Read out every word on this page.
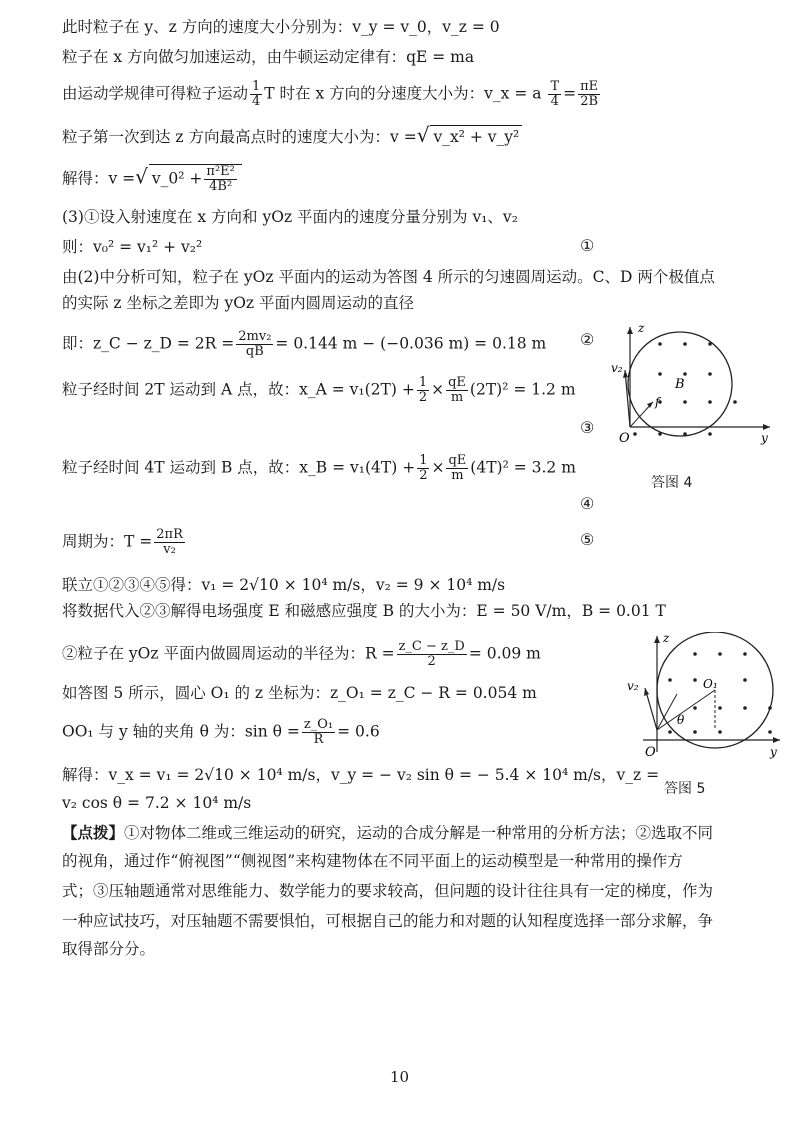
此时粒子在 y、z 方向的速度大小分别为：v_y = v_0，v_z = 0
粒子在 x 方向做匀加速运动，由牛顿运动定律有：qE = ma
由运动学规律可得粒子运动 $\frac{1}{4}$ T 时在 x 方向的分速度大小为：v_x = a $\frac{T}{4} = \frac{\pi E}{2B}$
粒子第一次到达 z 方向最高点时的速度大小为：v =√ v_x² + v_y²
解得：v =√ v_0² + $\frac{\text{π²E²}}{\text{4B²}}$
(3)①设入射速度在 x 方向和 yOz 平面内的速度分量分别为 v₁、v₂
则：v₀² = v₁² + v₂²	①
由(2)中分析可知，粒子在 yOz 平面内的运动为答图 4 所示的匀速圆周运动。C、D 两个极值点
的实际 z 坐标之差即为 yOz 平面内圆周运动的直径
即：z_C − z_D = $2R = \frac{\text{2mv₂}}{qB} = 0.144$ m − (−0.036 m) = 0.18 m ②
粒子经时间 2T 运动到 A 点，故：x_A = $v_1(2T) + \frac{1}{2} \times \frac{qE}{m} (2T)^2 = 1.2$ m
③
粒子经时间 4T 运动到 B 点，故：x_B = $v_1(4T) + \frac{1}{2} \times \frac{qE}{m} (4T)^2 = 3.2$ m
④
周期为：$T = \frac{2\pi R}{\text{v₂}}$	⑤
联立①②③④⑤得：v₁ = 2√10 × 10⁴ m/s，v₂ = 9 × 10⁴ m/s
将数据代入②③解得电场强度 E 和磁感应强度 B 的大小为：E = 50 V/m，B = 0.01 T
②粒子在 yOz 平面内做圆周运动的半径为：$R = \frac{z\_C - z\_D}{2} = 0.09$ m
如答图 5 所示，圆心 O₁ 的 z 坐标为：z_O₁ = z_C − R = 0.054 m
OO₁ 与 y 轴的夹角 θ 为：$\sin \theta = \frac{\text{z\_O₁}}{R} = 0.6$
解得：v_x = v₁ = 2√10 × 10⁴ m/s，v_y = − v₂ sin θ = − 5.4 × 10⁴ m/s，v_z =
v₂ cos θ = 7.2 × 10⁴ m/s
【点拨】①对物体二维或三维运动的研究，运动的合成分解是一种常用的分析方法；②选取不同
的视角，通过作“俯视图”“侧视图”来构建物体在不同平面上的运动模型是一种常用的操作方
式；③压轴题通常对思维能力、数学能力的要求较高，但问题的设计往往具有一定的梯度，作为
一种应试技巧，对压轴题不需要惧怕，可根据自己的能力和对题的认知程度选择一部分求解，争
取得部分分。
z
y
O
v₂
B
f
答图 4
z
y
O
v₂	O₁
θ
答图 5
10
